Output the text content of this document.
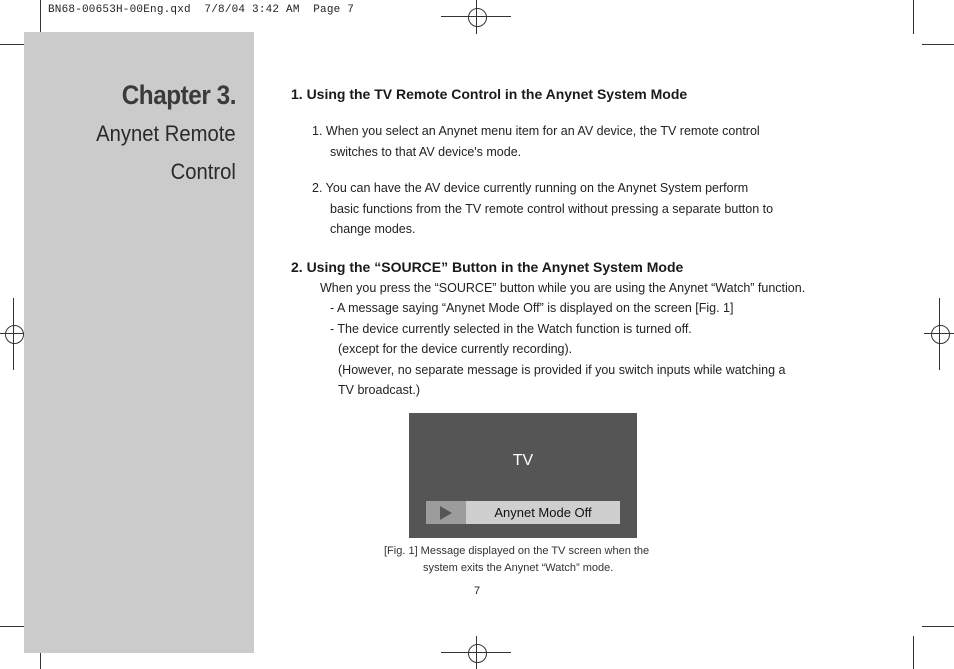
BN68-00653H-00Eng.qxd  7/8/04 3:42 AM  Page 7
Chapter 3.
Anynet Remote
Control
1. Using the TV Remote Control in the Anynet System Mode
1. When you select an Anynet menu item for an AV device, the TV remote control
switches to that AV device's mode.
2. You can have the AV device currently running on the Anynet System perform
basic functions from the TV remote control without pressing a separate button to
change modes.
2. Using the “SOURCE” Button in the Anynet System Mode
When you press the “SOURCE” button while you are using the Anynet “Watch” function.
- A message saying “Anynet Mode Off” is displayed on the screen [Fig. 1]
- The device currently selected in the Watch function is turned off.
(except for the device currently recording).
(However, no separate message is provided if you switch inputs while watching a
TV broadcast.)
TV
Anynet Mode Off
[Fig. 1] Message displayed on the TV screen when the
system exits the Anynet “Watch” mode.
7
